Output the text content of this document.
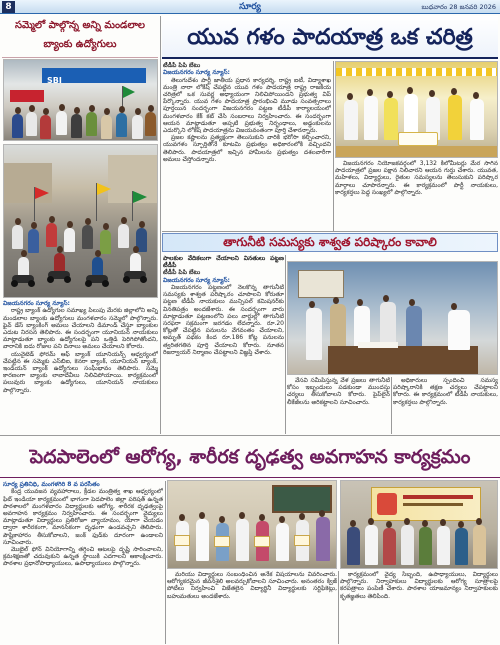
8	సూర్య	బుధవారం 28 జనవరి 2026
సమ్మెలో పాల్గొన్న అన్ని మండలాల
బ్యాంకు ఉద్యోగులు
SBI
విజయనగరం సూర్య న్యూస్:

రాష్ట్ర బ్యాంక్ ఉద్యోగుల సమాఖ్య పిలుపు మేరకు జిల్లాలోని అన్ని మండలాల బ్యాంకు ఉద్యోగులు మంగళవారం సమ్మెలో పాల్గొన్నారు. ఫైవ్ డేస్ బ్యాంకింగ్ అమలు చేయాలని డిమాండ్ చేస్తూ బ్యాంకుల ఎదుట నిరసన తెలిపారు. ఈ సందర్భంగా యూనియన్ నాయకులు మాట్లాడుతూ బ్యాంకు ఉద్యోగులపై పని ఒత్తిడి పెరిగిపోతోందని, వారానికి ఐదు రోజుల పని దినాలు అమలు చేయాలని కోరారు.

యునైటెడ్ ఫోరమ్ ఆఫ్ బ్యాంక్ యూనియన్స్ ఆధ్వర్యంలో చేపట్టిన ఈ సమ్మెకు ఎస్‌బిఐ, కెనరా బ్యాంక్, యూనియన్ బ్యాంక్, ఇండియన్ బ్యాంక్ ఉద్యోగులు సంఘీభావం తెలిపారు. సమ్మె కారణంగా బ్యాంకు లావాదేవీలు నిలిచిపోయాయి. కార్యక్రమంలో పలువురు బ్యాంకు ఉద్యోగులు, యూనియన్ నాయకులు పాల్గొన్నారు.

యువ గళం పాదయాత్ర ఒక చరిత్ర
టీడీపీ పిపి బేటు
విజయనగరం సూర్య న్యూస్:

తెలుగుదేశం పార్టీ జాతీయ ప్రధాన కార్యదర్శి, రాష్ట్ర ఐటీ, విద్యాశాఖ మంత్రి నారా లోకేష్ చేపట్టిన యువ గళం పాదయాత్ర రాష్ట్ర రాజకీయ చరిత్రలో ఒక సువర్ణ అధ్యాయంగా నిలిచిపోయిందని ప్రభుత్వ విప్ పేర్కొన్నారు. యువ గళం పాదయాత్ర ప్రారంభించి మూడు సంవత్సరాలు పూర్తయిన సందర్భంగా విజయనగరం పట్టణ టీడీపీ కార్యాలయంలో మంగళవారం కేక్ కట్ చేసి సంబరాలు నిర్వహించారు. ఈ సందర్భంగా ఆయన మాట్లాడుతూ అప్పటి ప్రభుత్వ నిర్బంధాలు, అడ్డంకులను ఎదుర్కొని లోకేష్ పాదయాత్రను విజయవంతంగా పూర్తి చేశారన్నారు.

ప్రజల కష్టాలను ప్రత్యక్షంగా తెలుసుకుని వారికి భరోసా కల్పించారని, యువగళం స్ఫూర్తితోనే కూటమి ప్రభుత్వం అధికారంలోకి వచ్చిందని తెలిపారు. పాదయాత్రలో ఇచ్చిన హామీలను ప్రభుత్వం దశలవారీగా అమలు చేస్తోందన్నారు.

విజయనగరం నియోజకవర్గంలో 3,132 కిలోమీటర్లు మేర సాగిన పాదయాత్రలో ప్రజల పక్షాన నిలిచారని ఆయన గుర్తు చేశారు. యువత, మహిళలు, విద్యార్థులు, రైతుల సమస్యలను తెలుసుకుని పరిష్కార మార్గాలు చూపారన్నారు. ఈ కార్యక్రమంలో పార్టీ నాయకులు, కార్యకర్తలు పెద్ద సంఖ్యలో పాల్గొన్నారు.

తాగునీటి సమస్యకు శాశ్వత పరిష్కారం కావాలి
పాలకుల వేదికలుగా చేయాలని వినతులు పట్టణ టీడీపీ
టీడీపీ పిపి బేటు
విజయనగరం సూర్య న్యూస్:

విజయనగరం పట్టణంలో నెలకొన్న తాగునీటి సమస్యకు శాశ్వత పరిష్కారం చూపాలని కోరుతూ పట్టణ టీడీపీ నాయకులు మున్సిపల్ కమిషనర్‌కు వినతిపత్రం అందజేశారు. ఈ సందర్భంగా వారు మాట్లాడుతూ పట్టణంలోని పలు వార్డుల్లో తాగునీటి సరఫరా సక్రమంగా జరగడం లేదన్నారు. రూ.20 కోట్లతో చేపట్టిన పనులను వేగవంతం చేయాలని, అమృత్ పథకం కింద రూ.186 కోట్ల పనులను త్వరితగతిన పూర్తి చేయాలని కోరారు. నూతన రిజర్వాయర్ నిర్మాణం చేపట్టాలని విజ్ఞప్తి చేశారు.

వేసవి సమీపిస్తున్న వేళ ప్రజలు తాగునీటి కోసం ఇబ్బందులు పడకుండా ముందస్తు చర్యలు తీసుకోవాలని కోరారు. పైప్‌లైన్ లీకేజీలను అరికట్టాలని సూచించారు.

అధికారులు స్పందించి సమస్య పరిష్కారానికి తక్షణ చర్యలు చేపట్టాలని కోరారు. ఈ కార్యక్రమంలో టీడీపీ నాయకులు, కార్యకర్తలు పాల్గొన్నారు.

పెదపాలెంలో ఆరోగ్య, శారీరక దృఢత్వ అవగాహన కార్యక్రమం
సూర్య ప్రతినిధి, మంగళగిరి 8 వ పరసీతం

కేంద్ర యువజన వ్యవహారాలు, క్రీడల మంత్రిత్వ శాఖ ఆధ్వర్యంలో ఫిట్ ఇండియా కార్యక్రమంలో భాగంగా పెదపాలెం జిల్లా పరిషత్ ఉన్నత పాఠశాలలో మంగళవారం విద్యార్థులకు ఆరోగ్య, శారీరక దృఢత్వంపై అవగాహన కార్యక్రమం నిర్వహించారు. ఈ సందర్భంగా వైద్యులు మాట్లాడుతూ విద్యార్థులు ప్రతిరోజూ వ్యాయామం, యోగా చేయడం ద్వారా శారీరకంగా, మానసికంగా దృఢంగా ఉండవచ్చని తెలిపారు. పౌష్టికాహారం తీసుకోవాలని, జంక్ ఫుడ్‌కు దూరంగా ఉండాలని సూచించారు.

మొబైల్ ఫోన్ వినియోగాన్ని తగ్గించి ఆటలపై దృష్టి సారించాలని, క్రమశిక్షణతో చదువుకుని ఉన్నత స్థాయికి ఎదగాలని ఆకాంక్షించారు. పాఠశాల ప్రధానోపాధ్యాయులు, ఉపాధ్యాయులు పాల్గొన్నారు.

మరియు విద్యార్థులు సంబంధించిన అనేక విషయాలను వివరించారు. ఆరోగ్యకరమైన జీవనశైలి అలవర్చుకోవాలని సూచించారు. అనంతరం క్విజ్ పోటీలు నిర్వహించి విజేతలైన విద్యార్థినీ విద్యార్థులకు సర్టిఫికెట్లు, బహుమతులు అందజేశారు.

కార్యక్రమంలో వైద్య సిబ్బంది, ఉపాధ్యాయులు, విద్యార్థులు పాల్గొన్నారు. నిర్వాహకులు విద్యార్థులకు ఆరోగ్య సూత్రాలపై కరపత్రాలు పంపిణీ చేశారు. పాఠశాల యాజమాన్యం నిర్వాహకులకు కృతజ్ఞతలు తెలిపింది.
